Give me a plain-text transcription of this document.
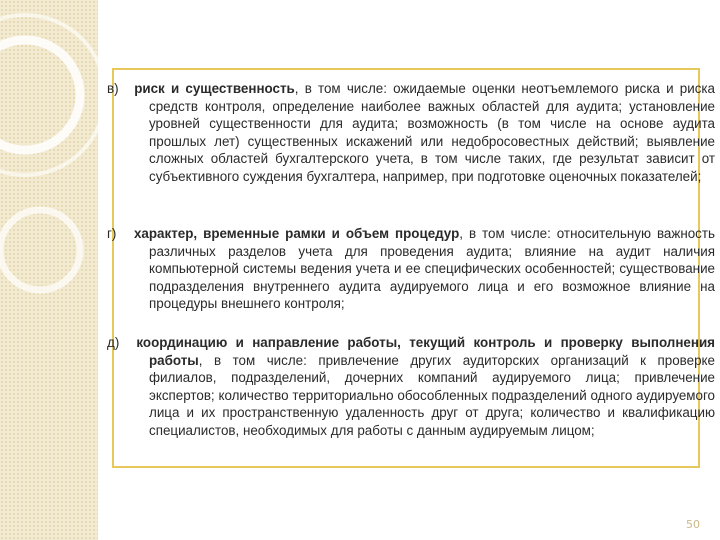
в) риск и существенность, в том числе: ожидаемые оценки неотъемлемого риска и риска средств контроля, определение наиболее важных областей для аудита; установление уровней существенности для аудита; возможность (в том числе на основе аудита прошлых лет) существенных искажений или недобросовестных действий; выявление сложных областей бухгалтерского учета, в том числе таких, где результат зависит от субъективного суждения бухгалтера, например, при подготовке оценочных показателей;

г) характер, временные рамки и объем процедур, в том числе: относительную важность различных разделов учета для проведения аудита; влияние на аудит наличия компьютерной системы ведения учета и ее специфических особенностей; существование подразделения внутреннего аудита аудируемого лица и его возможное влияние на процедуры внешнего контроля;

д) координацию и направление работы, текущий контроль и проверку выполнения работы, в том числе: привлечение других аудиторских организаций к проверке филиалов, подразделений, дочерних компаний аудируемого лица; привлечение экспертов; количество территориально обособленных подразделений одного аудируемого лица и их пространственную удаленность друг от друга; количество и квалификацию специалистов, необходимых для работы с данным аудируемым лицом;

50
